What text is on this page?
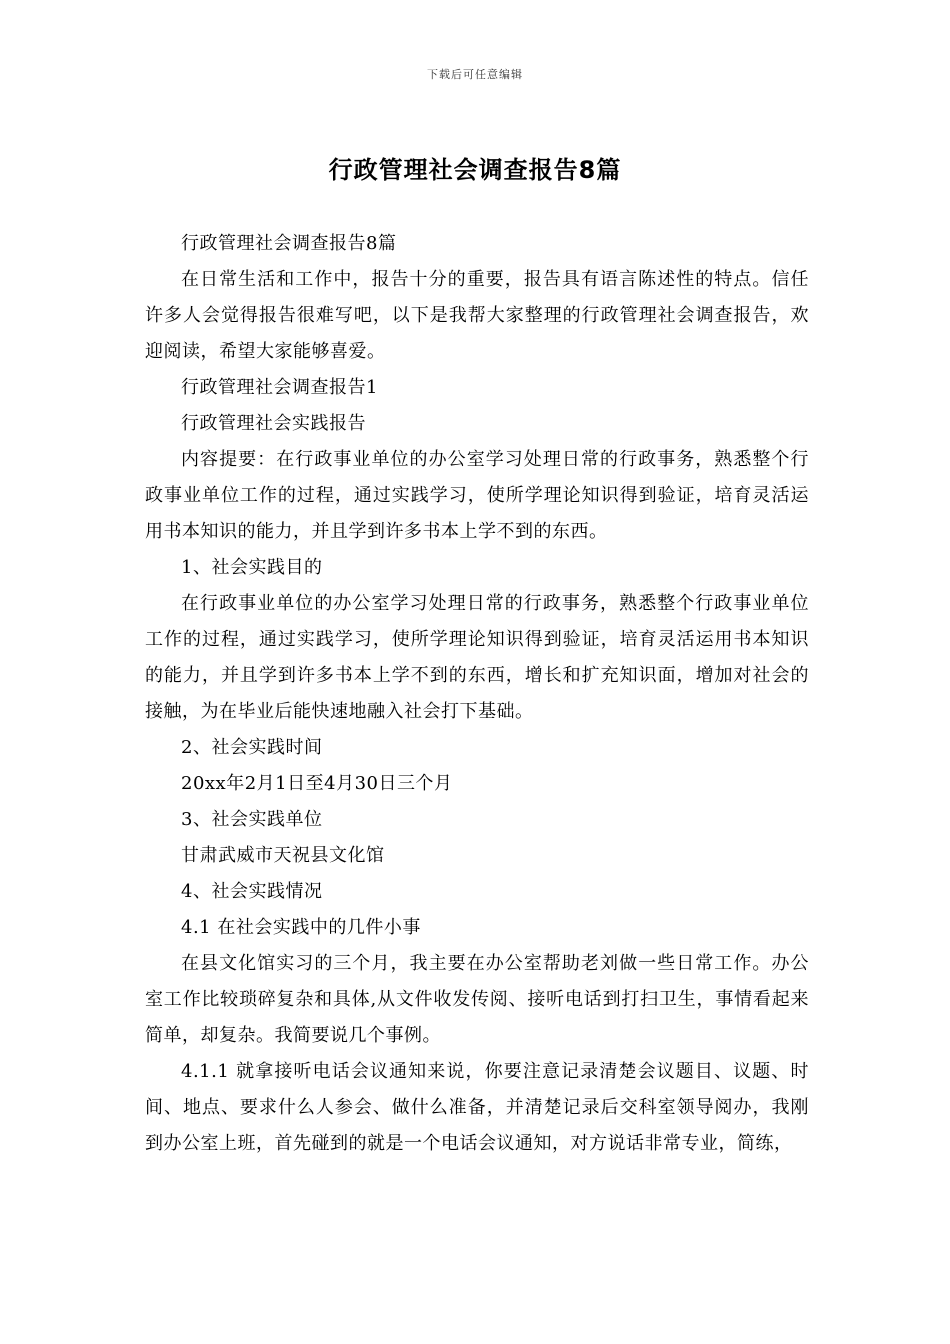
下载后可任意编辑
行政管理社会调查报告8篇

行政管理社会调查报告8篇

在日常生活和工作中，报告十分的重要，报告具有语言陈述性的特点。信任许多人会觉得报告很难写吧，以下是我帮大家整理的行政管理社会调查报告，欢迎阅读，希望大家能够喜爱。

行政管理社会调查报告1

行政管理社会实践报告

内容提要：在行政事业单位的办公室学习处理日常的行政事务，熟悉整个行政事业单位工作的过程，通过实践学习，使所学理论知识得到验证，培育灵活运用书本知识的能力，并且学到许多书本上学不到的东西。

1、社会实践目的

在行政事业单位的办公室学习处理日常的行政事务，熟悉整个行政事业单位工作的过程，通过实践学习，使所学理论知识得到验证，培育灵活运用书本知识的能力，并且学到许多书本上学不到的东西，增长和扩充知识面，增加对社会的接触，为在毕业后能快速地融入社会打下基础。

2、社会实践时间

20xx年2月1日至4月30日三个月

3、社会实践单位

甘肃武威市天祝县文化馆

4、社会实践情况

4.1 在社会实践中的几件小事

在县文化馆实习的三个月，我主要在办公室帮助老刘做一些日常工作。办公室工作比较琐碎复杂和具体,从文件收发传阅、接听电话到打扫卫生，事情看起来简单，却复杂。我简要说几个事例。

4.1.1 就拿接听电话会议通知来说，你要注意记录清楚会议题目、议题、时间、地点、要求什么人参会、做什么准备，并清楚记录后交科室领导阅办，我刚到办公室上班，首先碰到的就是一个电话会议通知，对方说话非常专业，简练，
